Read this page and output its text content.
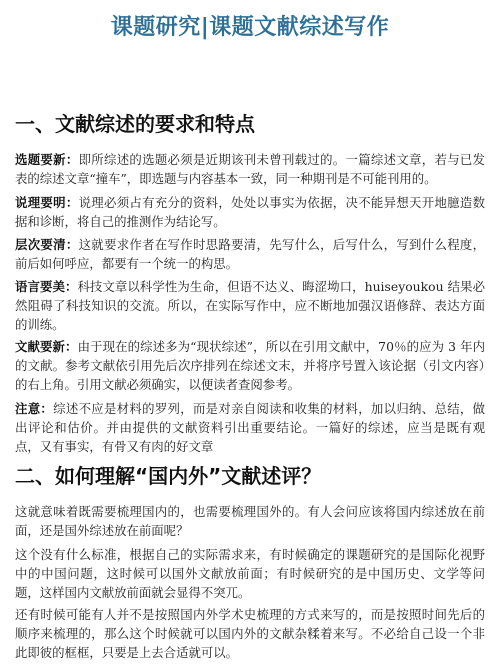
课题研究|课题文献综述写作
一、文献综述的要求和特点
选题要新：即所综述的选题必须是近期该刊未曾刊载过的。一篇综述文章，若与已发表的综述文章“撞车”，即选题与内容基本一致，同一种期刊是不可能刊用的。
说理要明：说理必须占有充分的资料，处处以事实为依据，决不能异想天开地臆造数据和诊断，将自己的推测作为结论写。
层次要清：这就要求作者在写作时思路要清，先写什么，后写什么，写到什么程度，前后如何呼应，都要有一个统一的构思。
语言要美：科技文章以科学性为生命，但语不达义、晦涩坳口，huiseyoukou 结果必然阻碍了科技知识的交流。所以，在实际写作中，应不断地加强汉语修辞、表达方面的训练。
文献要新：由于现在的综述多为“现状综述”，所以在引用文献中，70％的应为 3 年内的文献。参考文献依引用先后次序排列在综述文末，并将序号置入该论据（引文内容）的右上角。引用文献必须确实，以便读者查阅参考。
注意：综述不应是材料的罗列，而是对亲自阅读和收集的材料，加以归纳、总结，做出评论和估价。并由提供的文献资料引出重要结论。一篇好的综述，应当是既有观点，又有事实，有骨又有肉的好文章
二、如何理解“国内外”文献述评？
这就意味着既需要梳理国内的，也需要梳理国外的。有人会问应该将国内综述放在前面，还是国外综述放在前面呢？
这个没有什么标准，根据自己的实际需求来，有时候确定的课题研究的是国际化视野中的中国问题，这时候可以国外文献放前面；有时候研究的是中国历史、文学等问题，这样国内文献放前面就会显得不突兀。
还有时候可能有人并不是按照国内外学术史梳理的方式来写的，而是按照时间先后的顺序来梳理的，那么这个时候就可以国内外的文献杂糅着来写。不必给自己设一个非此即彼的框框，只要是上去合适就可以。
